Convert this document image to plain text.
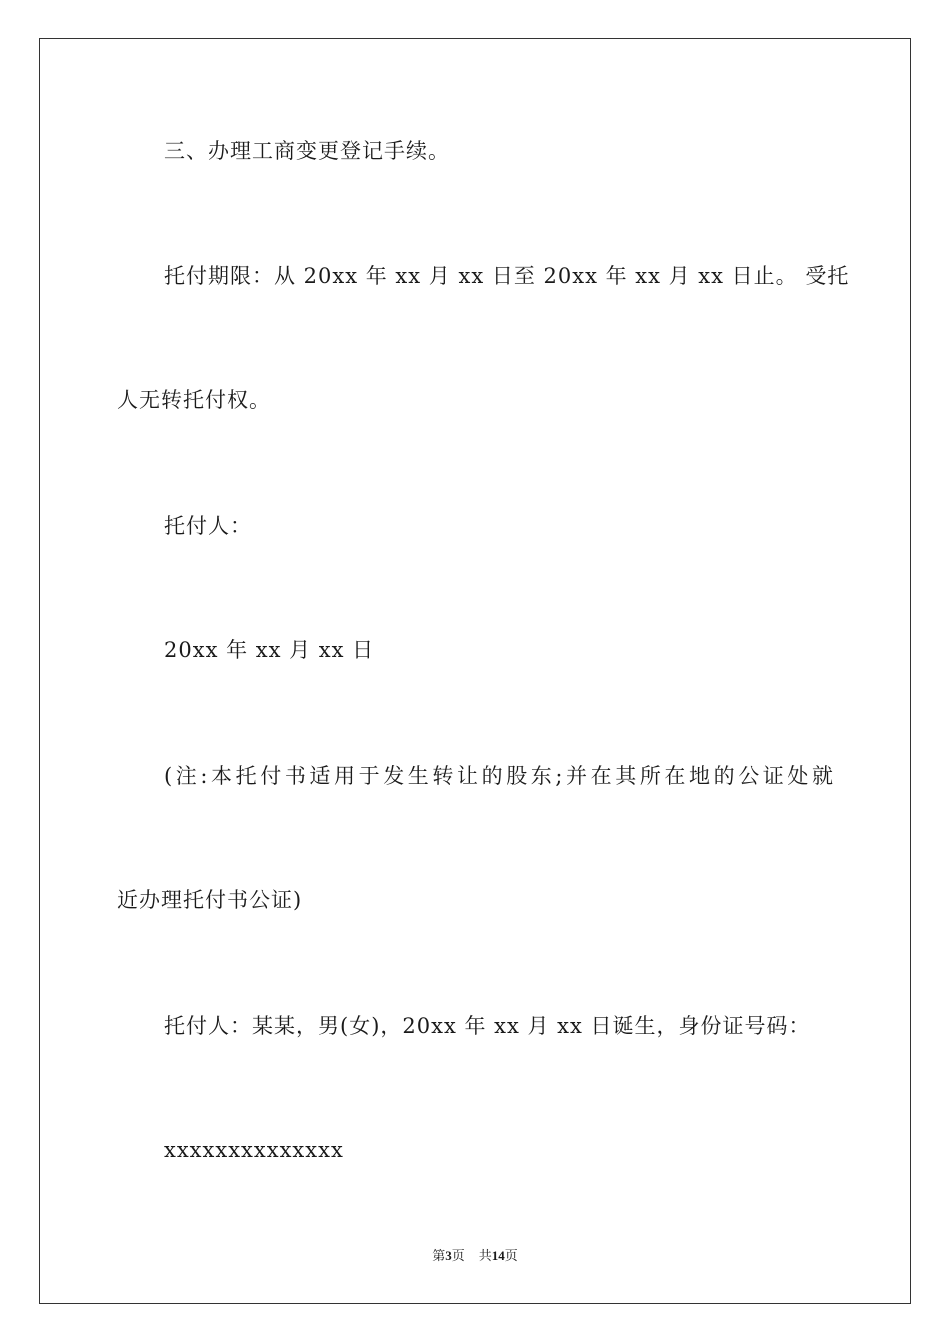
三、办理工商变更登记手续。
托付期限：从 20xx 年 xx 月 xx 日至 20xx 年 xx 月 xx 日止。 受托
人无转托付权。
托付人：
20xx 年 xx 月 xx 日
(注:本托付书适用于发生转让的股东;并在其所在地的公证处就
近办理托付书公证)
托付人：某某，男(女)，20xx 年 xx 月 xx 日诞生，身份证号码：
xxxxxxxxxxxxxx
第3页 共14页
